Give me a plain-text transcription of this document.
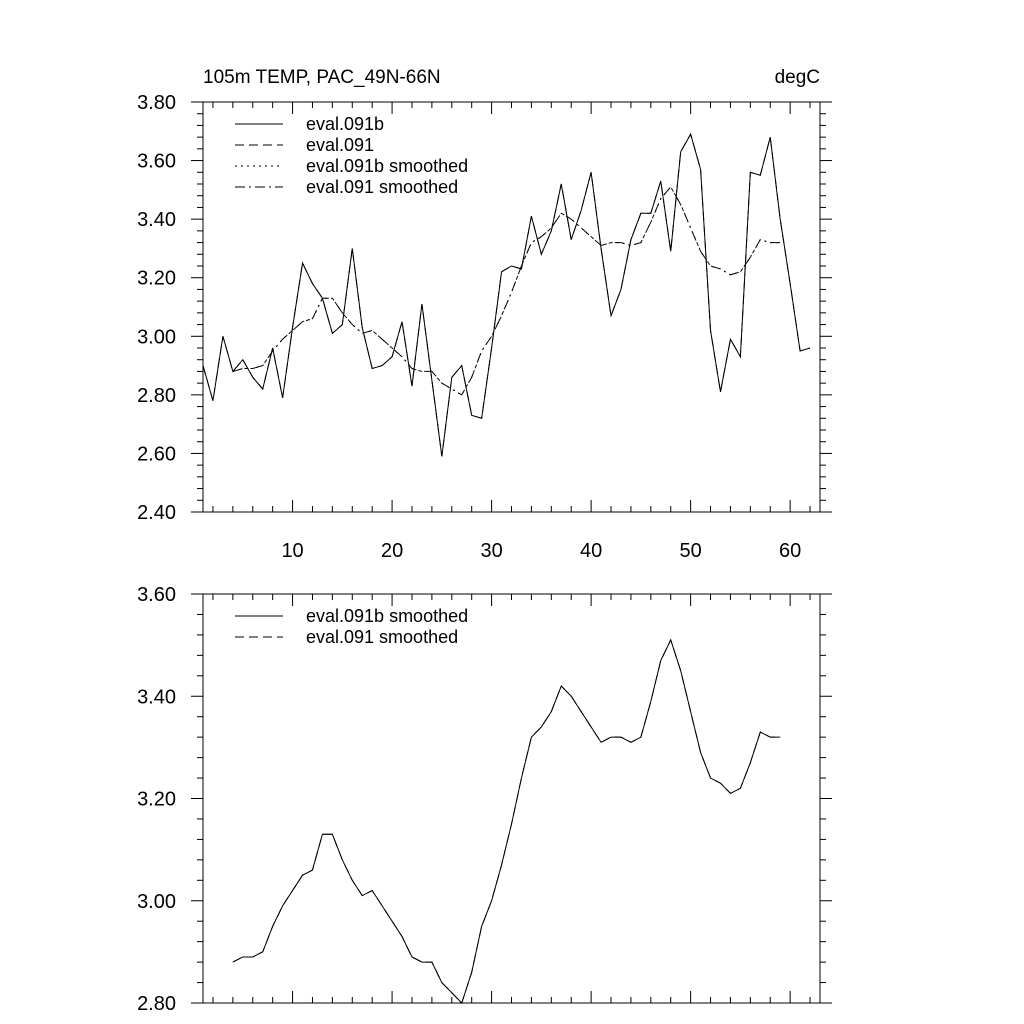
105m TEMP, PAC_49N-66N	degC
2.40
2.60
2.80
3.00
3.20
3.40
3.60
3.80
10	20	30	40	50	60
eval.091b
eval.091
eval.091b smoothed
eval.091 smoothed
2.80
3.00
3.20
3.40
3.60
eval.091b smoothed
eval.091 smoothed
